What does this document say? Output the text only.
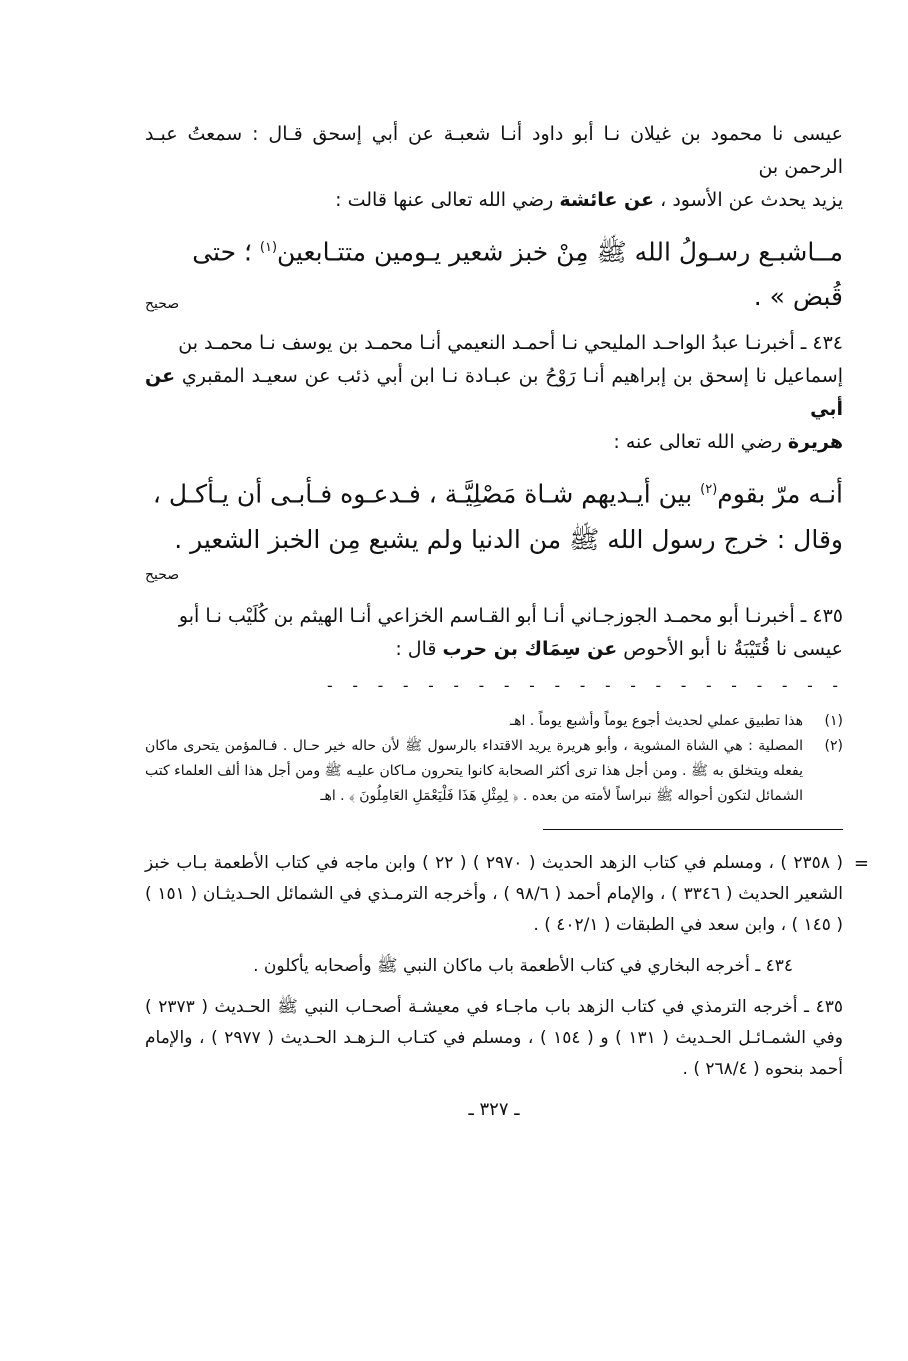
عيسى نا محمود بن غيلان نـا أبو داود أنـا شعبـة عن أبي إسحق قـال : سمعتُ عبـد الرحمن بن
يزيد يحدث عن الأسود ، عن عائشة رضي الله تعالى عنها قالت :

مــاشبـع رسـولُ الله ﷺ مِنْ خبز شعير يـومين متتـابعين$^{(١)}$ ؛ حتى
قُبض » .

صحيح

٤٣٤ ـ أخبرنـا عبدُ الواحـد المليحي نـا أحمـد النعيمي أنـا محمـد بن يوسف نـا محمـد بن
إسماعيل نا إسحق بن إبراهيم أنـا رَوْحُ بن عبـادة نـا ابن أبي ذئب عن سعيـد المقبري عن أبي
هريرة رضي الله تعالى عنه :

أنـه مرّ بقوم$^{(٢)}$ بين أيـديهم شـاة مَصْلِيَّـة ، فـدعـوه فـأبـى أن يـأكـل ،
وقال : خرج رسول الله ﷺ من الدنيا ولم يشبع مِن الخبز الشعير .

صحيح

٤٣٥ ـ أخبرنـا أبو محمـد الجوزجـاني أنـا أبو القـاسم الخزاعي أنـا الهيثم بن كُلَيْب نـا أبو
عيسى نا قُتَيْبَةُ نا أبو الأحوص عن سِمَاك بن حرب قال :

- - - - - - - - - - - - - - - - - - - - -
(١)
هذا تطبيق عملي لحديث أجوع يوماً وأشبع يوماً . اهـ
(٢)
المصلية : هي الشاة المشوية ، وأبو هريرة يريد الاقتداء بالرسول ﷺ لأن حاله خير حـال . فـالمؤمن يتحرى ماكان يفعله ويتخلق به ﷺ . ومن أجل هذا ترى أكثر الصحابة كانوا يتحرون مـاكان عليـه ﷺ ومن أجل هذا ألف العلماء كتب الشمائل لتكون أحواله ﷺ نبراساً لأمته من بعده . ﴿ لِمِثْلِ هَذَا فَلْيَعْمَلِ العَامِلُونَ ﴾ . اهـ

=
( ٢٣٥٨ ) ، ومسلم في كتاب الزهد الحديث ( ٢٩٧٠ ) ( ٢٢ ) وابن ماجه في كتاب الأطعمة بـاب خبز الشعير الحديث ( ٣٣٤٦ ) ، والإمام أحمد ( ٩٨/٦ ) ، وأخرجه الترمـذي في الشمائل الحـديثـان ( ١٥١ ) ( ١٤٥ ) ، وابن سعد في الطبقات ( ٤٠٢/١ ) .

٤٣٤ ـ أخرجه البخاري في كتاب الأطعمة باب ماكان النبي ﷺ وأصحابه يأكلون .

٤٣٥ ـ أخرجه الترمذي في كتاب الزهد باب ماجـاء في معيشـة أصحـاب النبي ﷺ الحـديث ( ٢٣٧٣ ) وفي الشمـائـل الحـديث ( ١٣١ ) و ( ١٥٤ ) ، ومسلم في كتـاب الـزهـد الحـديث ( ٢٩٧٧ ) ، والإمام أحمد بنحوه ( ٢٦٨/٤ ) .

ـ ٣٢٧ ـ
